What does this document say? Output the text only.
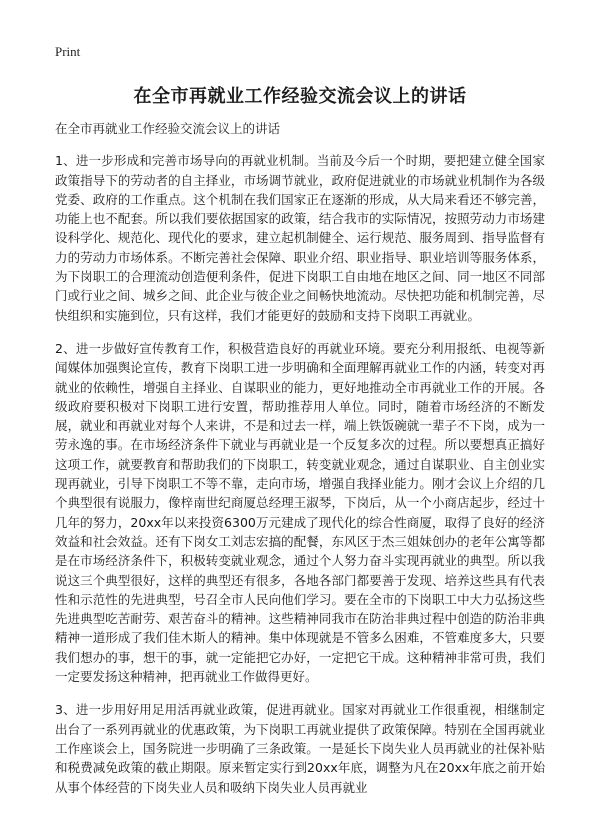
Print
在全市再就业工作经验交流会议上的讲话

在全市再就业工作经验交流会议上的讲话

1、进一步形成和完善市场导向的再就业机制。当前及今后一个时期，要把建立健全国家政策指导下的劳动者的自主择业，市场调节就业，政府促进就业的市场就业机制作为各级党委、政府的工作重点。这个机制在我们国家正在逐渐的形成，从大局来看还不够完善，功能上也不配套。所以我们要依据国家的政策，结合我市的实际情况，按照劳动力市场建设科学化、规范化、现代化的要求，建立起机制健全、运行规范、服务周到、指导监督有力的劳动力市场体系。不断完善社会保障、职业介绍、职业指导、职业培训等服务体系，为下岗职工的合理流动创造便利条件，促进下岗职工自由地在地区之间、同一地区不同部门或行业之间、城乡之间、此企业与彼企业之间畅快地流动。尽快把功能和机制完善，尽快组织和实施到位，只有这样，我们才能更好的鼓励和支持下岗职工再就业。

2、进一步做好宣传教育工作，积极营造良好的再就业环境。要充分利用报纸、电视等新闻媒体加强舆论宣传，教育下岗职工进一步明确和全面理解再就业工作的内涵，转变对再就业的依赖性，增强自主择业、自谋职业的能力，更好地推动全市再就业工作的开展。各级政府要积极对下岗职工进行安置，帮助推荐用人单位。同时，随着市场经济的不断发展，就业和再就业对每个人来讲，不是和过去一样，端上铁饭碗就一辈子不下岗，成为一劳永逸的事。在市场经济条件下就业与再就业是一个反复多次的过程。所以要想真正搞好这项工作，就要教育和帮助我们的下岗职工，转变就业观念，通过自谋职业、自主创业实现再就业，引导下岗职工不等不靠，走向市场，增强自我择业能力。刚才会议上介绍的几个典型很有说服力，像梓南世纪商厦总经理王淑琴，下岗后，从一个小商店起步，经过十几年的努力，20xx年以来投资6300万元建成了现代化的综合性商厦，取得了良好的经济效益和社会效益。还有下岗女工刘志宏搞的配餐，东风区于杰三姐妹创办的老年公寓等都是在市场经济条件下，积极转变就业观念，通过个人努力奋斗实现再就业的典型。所以我说这三个典型很好，这样的典型还有很多，各地各部门都要善于发现、培养这些具有代表性和示范性的先进典型，号召全市人民向他们学习。要在全市的下岗职工中大力弘扬这些先进典型吃苦耐劳、艰苦奋斗的精神。这些精神同我市在防治非典过程中创造的防治非典精神一道形成了我们佳木斯人的精神。集中体现就是不管多么困难，不管难度多大，只要我们想办的事，想干的事，就一定能把它办好，一定把它干成。这种精神非常可贵，我们一定要发扬这种精神，把再就业工作做得更好。

3、进一步用好用足用活再就业政策，促进再就业。国家对再就业工作很重视，相继制定出台了一系列再就业的优惠政策，为下岗职工再就业提供了政策保障。特别在全国再就业工作座谈会上，国务院进一步明确了三条政策。一是延长下岗失业人员再就业的社保补贴和税费减免政策的截止期限。原来暂定实行到20xx年底，调整为凡在20xx年底之前开始从事个体经营的下岗失业人员和吸纳下岗失业人员再就业
